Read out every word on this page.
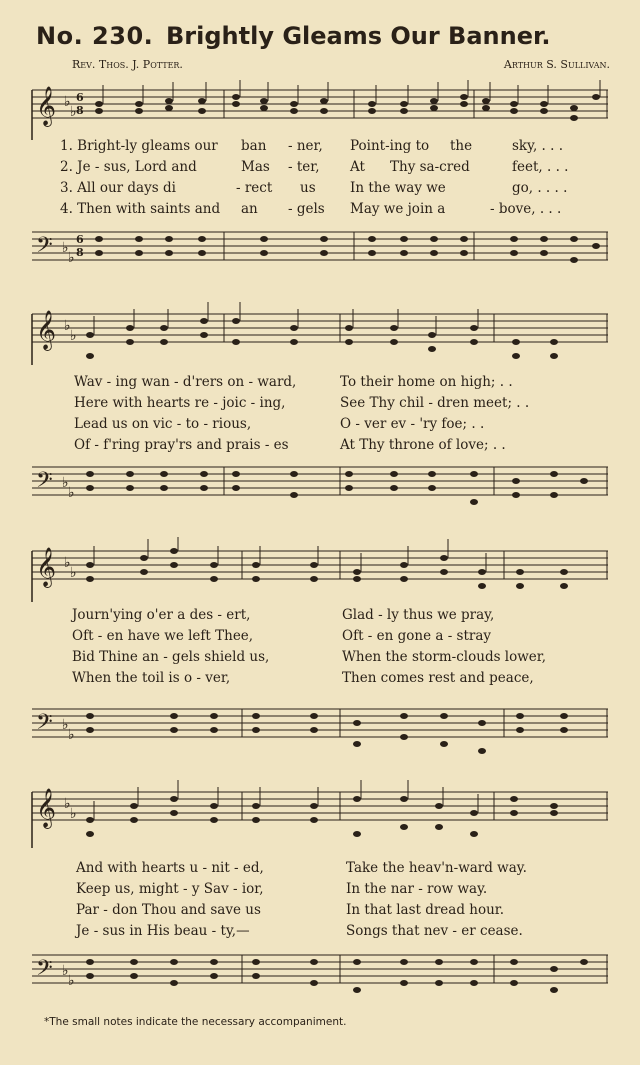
No. 230. Brightly Gleams Our Banner.
Rev. Thos. J. Potter.	Arthur S. Sullivan.
𝄞 ♭
♭
6
8
1. Bright-ly gleams our ban - ner, Point-ing to the	sky, . . .
2. Je - sus, Lord and	Mas - ter, At Thy sa-cred	feet, . . .
3. All our days di	- rect us	In the way we	go, . . . .
4. Then with saints and an - gels May we join a	- bove, . . .
𝄢 ♭
♭
6
8
𝄞 ♭
♭
Wav - ing wan - d'rers on - ward,	To their home on high; . .
Here with hearts re - joic - ing,	See Thy chil - dren meet; . .
Lead us on vic - to - rious,	O - ver ev - 'ry foe; . .
Of - f'ring pray'rs and prais - es	At Thy throne of love; . .
𝄢 ♭
♭
𝄞 ♭
♭
Journ'ying o'er a des - ert,	Glad - ly thus we pray,
Oft - en have we left Thee,	Oft - en gone a - stray
Bid Thine an - gels shield us,	When the storm-clouds lower,
When the toil is o - ver,	Then comes rest and peace,
𝄢 ♭
♭
𝄞 ♭
♭
And with hearts u - nit - ed,	Take the heav'n-ward way.
Keep us, might - y Sav - ior,	In the nar - row way.
Par - don Thou and save us	In that last dread hour.
Je - sus in His beau - ty,—	Songs that nev - er cease.
𝄢 ♭
♭
*The small notes indicate the necessary accompaniment.
